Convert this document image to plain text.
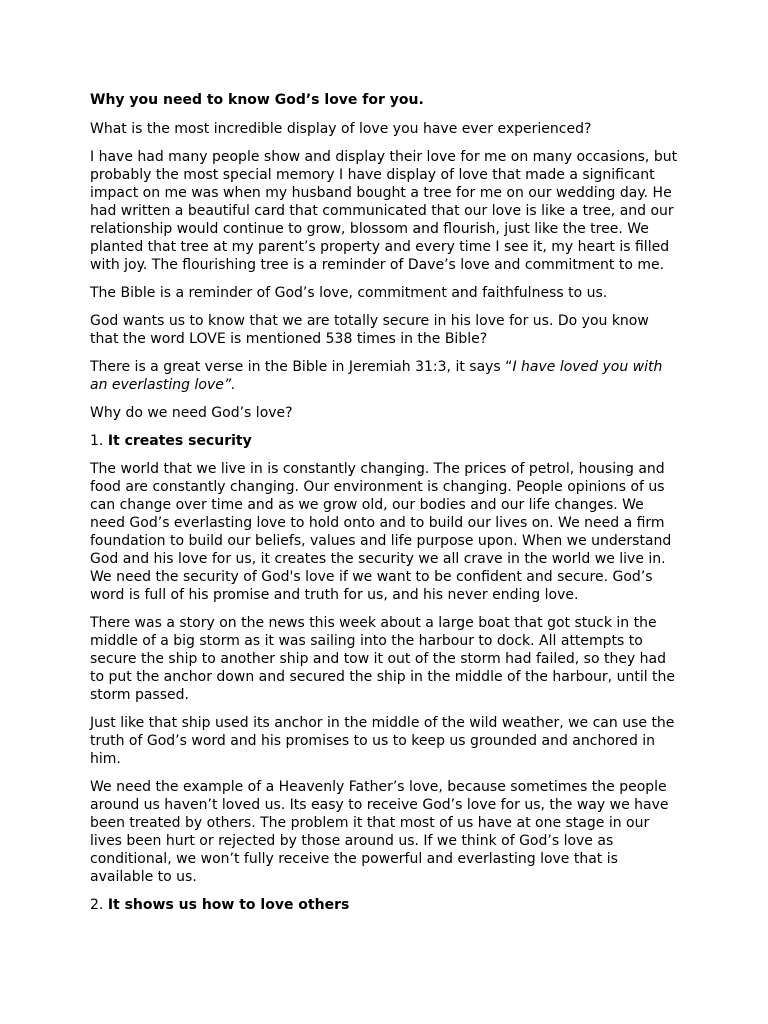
Why you need to know God’s love for you.

What is the most incredible display of love you have ever experienced?

I have had many people show and display their love for me on many occasions, but probably the most special memory I have display of love that made a significant impact on me was when my husband bought a tree for me on our wedding day. He had written a beautiful card that communicated that our love is like a tree, and our relationship would continue to grow, blossom and flourish, just like the tree. We planted that tree at my parent’s property and every time I see it, my heart is filled with joy. The flourishing tree is a reminder of Dave’s love and commitment to me.

The Bible is a reminder of God’s love, commitment and faithfulness to us.

God wants us to know that we are totally secure in his love for us. Do you know that the word LOVE is mentioned 538 times in the Bible?

There is a great verse in the Bible in Jeremiah 31:3, it says “I have loved you with an everlasting love”.

Why do we need God’s love?

1. It creates security

The world that we live in is constantly changing. The prices of petrol, housing and food are constantly changing. Our environment is changing. People opinions of us can change over time and as we grow old, our bodies and our life changes. We need God’s everlasting love to hold onto and to build our lives on. We need a firm foundation to build our beliefs, values and life purpose upon. When we understand God and his love for us, it creates the security we all crave in the world we live in. We need the security of God's love if we want to be confident and secure. God’s word is full of his promise and truth for us, and his never ending love.

There was a story on the news this week about a large boat that got stuck in the middle of a big storm as it was sailing into the harbour to dock. All attempts to secure the ship to another ship and tow it out of the storm had failed, so they had to put the anchor down and secured the ship in the middle of the harbour, until the storm passed.

Just like that ship used its anchor in the middle of the wild weather, we can use the truth of God’s word and his promises to us to keep us grounded and anchored in him.

We need the example of a Heavenly Father’s love, because sometimes the people around us haven’t loved us. Its easy to receive God’s love for us, the way we have been treated by others. The problem it that most of us have at one stage in our lives been hurt or rejected by those around us. If we think of God’s love as conditional, we won’t fully receive the powerful and everlasting love that is available to us.

2. It shows us how to love others
